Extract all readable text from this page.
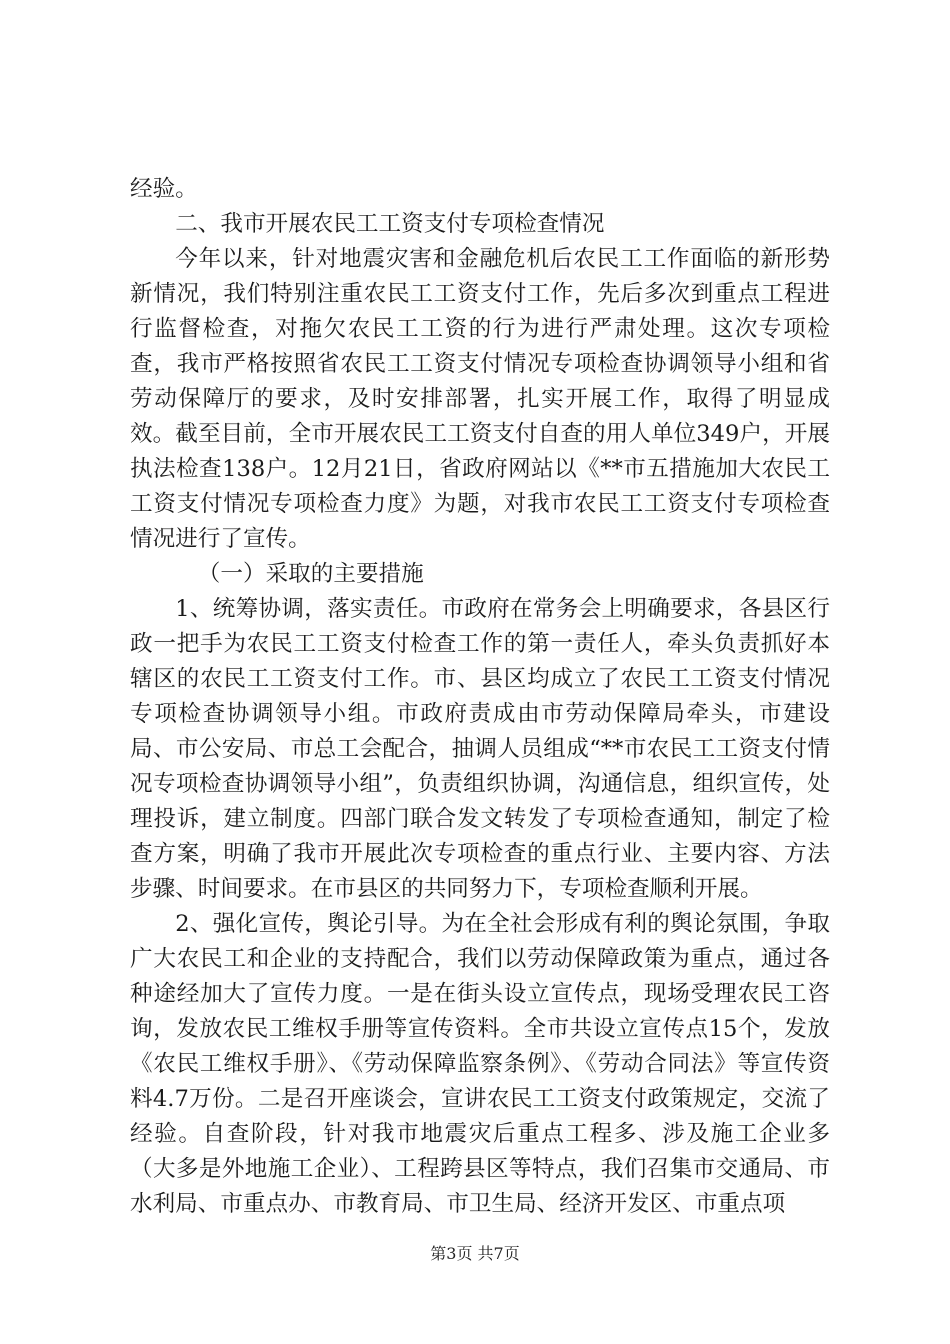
经验。

二、我市开展农民工工资支付专项检查情况

今年以来，针对地震灾害和金融危机后农民工工作面临的新形势新情况，我们特别注重农民工工资支付工作，先后多次到重点工程进行监督检查，对拖欠农民工工资的行为进行严肃处理。这次专项检查，我市严格按照省农民工工资支付情况专项检查协调领导小组和省劳动保障厅的要求，及时安排部署，扎实开展工作，取得了明显成效。截至目前，全市开展农民工工资支付自查的用人单位349户，开展执法检查138户。12月21日，省政府网站以《**市五措施加大农民工工资支付情况专项检查力度》为题，对我市农民工工资支付专项检查情况进行了宣传。

（一）采取的主要措施

1、统筹协调，落实责任。市政府在常务会上明确要求，各县区行政一把手为农民工工资支付检查工作的第一责任人，牵头负责抓好本辖区的农民工工资支付工作。市、县区均成立了农民工工资支付情况专项检查协调领导小组。市政府责成由市劳动保障局牵头，市建设局、市公安局、市总工会配合，抽调人员组成“**市农民工工资支付情况专项检查协调领导小组”，负责组织协调，沟通信息，组织宣传，处理投诉，建立制度。四部门联合发文转发了专项检查通知，制定了检查方案，明确了我市开展此次专项检查的重点行业、主要内容、方法步骤、时间要求。在市县区的共同努力下，专项检查顺利开展。

2、强化宣传，舆论引导。为在全社会形成有利的舆论氛围，争取广大农民工和企业的支持配合，我们以劳动保障政策为重点，通过各种途经加大了宣传力度。一是在街头设立宣传点，现场受理农民工咨询，发放农民工维权手册等宣传资料。全市共设立宣传点15个，发放《农民工维权手册》、《劳动保障监察条例》、《劳动合同法》等宣传资料4.7万份。二是召开座谈会，宣讲农民工工资支付政策规定，交流了经验。自查阶段，针对我市地震灾后重点工程多、涉及施工企业多（大多是外地施工企业）、工程跨县区等特点，我们召集市交通局、市水利局、市重点办、市教育局、市卫生局、经济开发区、市重点项

第3页 共7页
